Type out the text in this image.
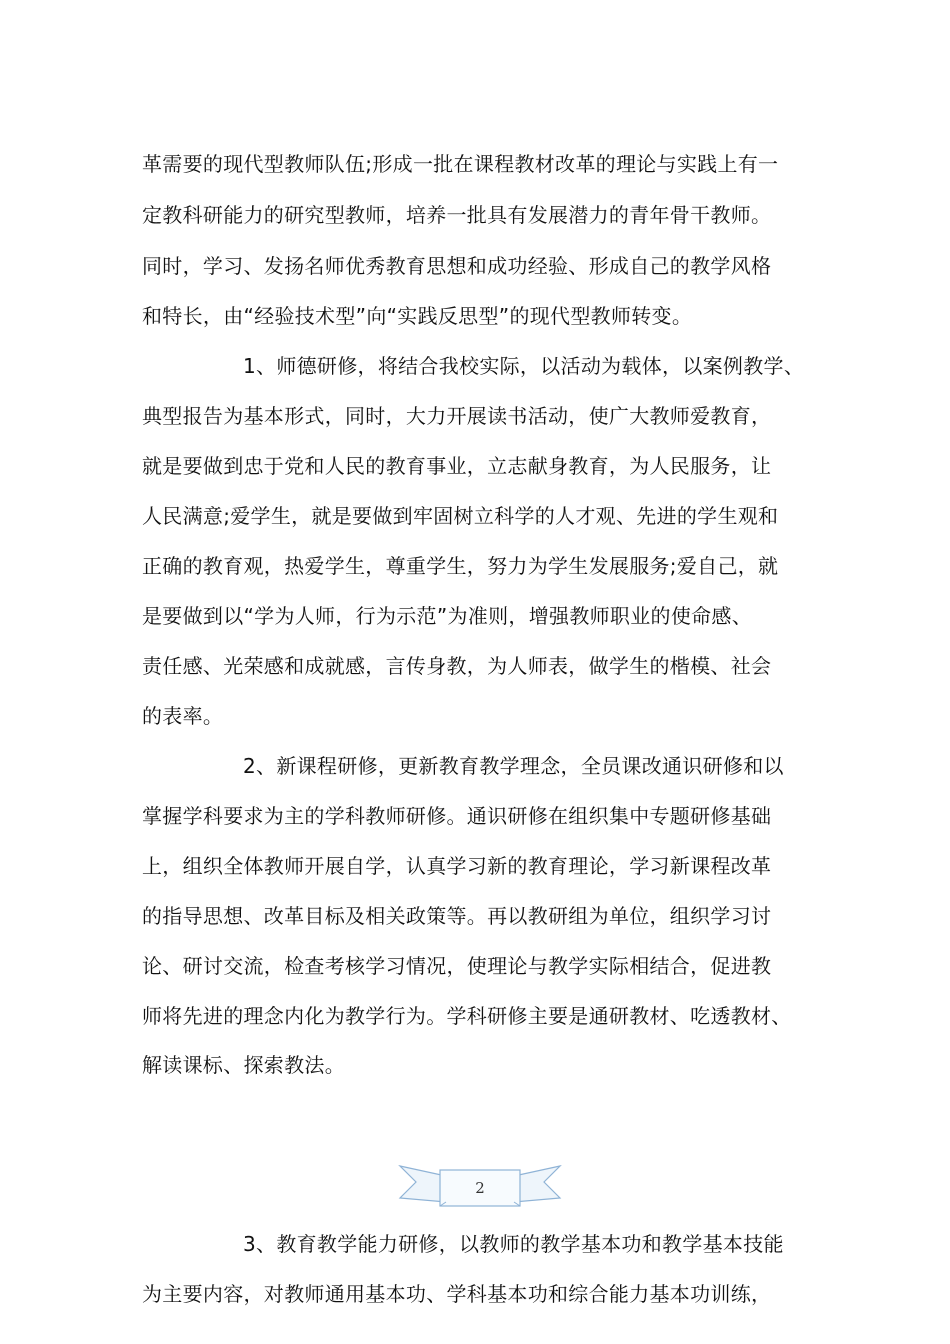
革需要的现代型教师队伍;形成一批在课程教材改革的理论与实践上有一
定教科研能力的研究型教师，培养一批具有发展潜力的青年骨干教师。
同时，学习、发扬名师优秀教育思想和成功经验、形成自己的教学风格
和特长，由“经验技术型”向“实践反思型”的现代型教师转变。
1、师德研修，将结合我校实际，以活动为载体，以案例教学、
典型报告为基本形式，同时，大力开展读书活动，使广大教师爱教育，
就是要做到忠于党和人民的教育事业，立志献身教育，为人民服务，让
人民满意;爱学生，就是要做到牢固树立科学的人才观、先进的学生观和
正确的教育观，热爱学生，尊重学生，努力为学生发展服务;爱自己，就
是要做到以“学为人师，行为示范”为准则，增强教师职业的使命感、
责任感、光荣感和成就感，言传身教，为人师表，做学生的楷模、社会
的表率。
2、新课程研修，更新教育教学理念，全员课改通识研修和以
掌握学科要求为主的学科教师研修。通识研修在组织集中专题研修基础
上，组织全体教师开展自学，认真学习新的教育理论，学习新课程改革
的指导思想、改革目标及相关政策等。再以教研组为单位，组织学习讨
论、研讨交流，检查考核学习情况，使理论与教学实际相结合，促进教
师将先进的理念内化为教学行为。学科研修主要是通研教材、吃透教材、
解读课标、探索教法。
2
3、教育教学能力研修，以教师的教学基本功和教学基本技能
为主要内容，对教师通用基本功、学科基本功和综合能力基本功训练，
